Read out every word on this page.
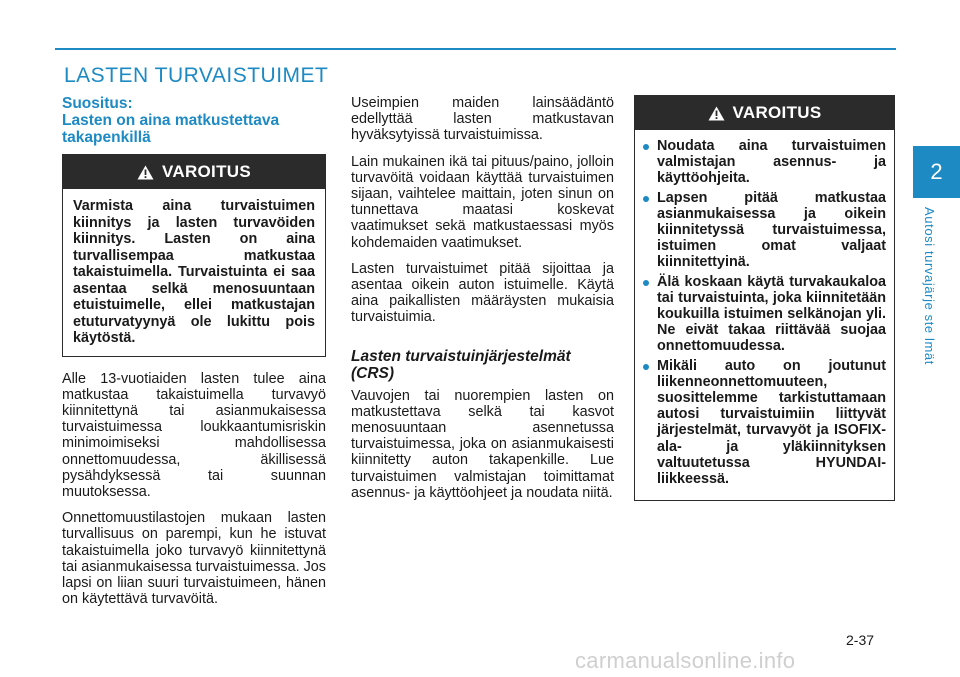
LASTEN TURVAISTUIMET
Suositus:
Lasten on aina matkustettava takapenkillä
VAROITUS
Varmista aina turvaistuimen kiinnitys ja lasten turvavöiden kiinnitys. Lasten on aina turvallisempaa matkustaa takaistuimella. Turvaistuinta ei saa asentaa selkä menosuuntaan etuistuimelle, ellei matkustajan etuturvatyynyä ole lukittu pois käytöstä.

Alle 13-vuotiaiden lasten tulee aina matkustaa takaistuimella turvavyö kiinnitettynä tai asianmukaisessa turvaistuimessa loukkaantumisriskin minimoimiseksi mahdollisessa onnettomuudessa, äkillisessä pysähdyksessä tai suunnan muutoksessa.

Onnettomuustilastojen mukaan lasten turvallisuus on parempi, kun he istuvat takaistuimella joko turvavyö kiinnitettynä tai asianmukaisessa turvaistuimessa. Jos lapsi on liian suuri turvaistuimeen, hänen on käytettävä turvavöitä.

Useimpien maiden lainsäädäntö edellyttää lasten matkustavan hyväksytyissä turvaistuimissa.

Lain mukainen ikä tai pituus/paino, jolloin turvavöitä voidaan käyttää turvaistuimen sijaan, vaihtelee maittain, joten sinun on tunnettava maatasi koskevat vaatimukset sekä matkustaessasi myös kohdemaiden vaatimukset.

Lasten turvaistuimet pitää sijoittaa ja asentaa oikein auton istuimelle. Käytä aina paikallisten määräysten mukaisia turvaistuimia.

Lasten turvaistuinjärjestelmät (CRS)

Vauvojen tai nuorempien lasten on matkustettava selkä tai kasvot menosuuntaan asennetussa turvaistuimessa, joka on asianmukaisesti kiinnitetty auton takapenkille. Lue turvaistuimen valmistajan toimittamat asennus- ja käyttöohjeet ja noudata niitä.

VAROITUS
Noudata aina turvaistuimen valmistajan asennus- ja käyttöohjeita.
Lapsen pitää matkustaa asianmukaisessa ja oikein kiinnitetyssä turvaistuimessa, istuimen omat valjaat kiinnitettyinä.
Älä koskaan käytä turvakaukaloa tai turvaistuinta, joka kiinnitetään koukuilla istuimen selkänojan yli. Ne eivät takaa riittävää suojaa onnettomuudessa.
Mikäli auto on joutunut liikenneonnettomuuteen, suosittelemme tarkistuttamaan autosi turvaistuimiin liittyvät järjestelmät, turvavyöt ja ISOFIX-ala- ja yläkiinnityksen valtuutetussa HYUNDAI-liikkeessä.
2
Autosi turvajärje ste lmät
2-37
carmanualsonline.info
